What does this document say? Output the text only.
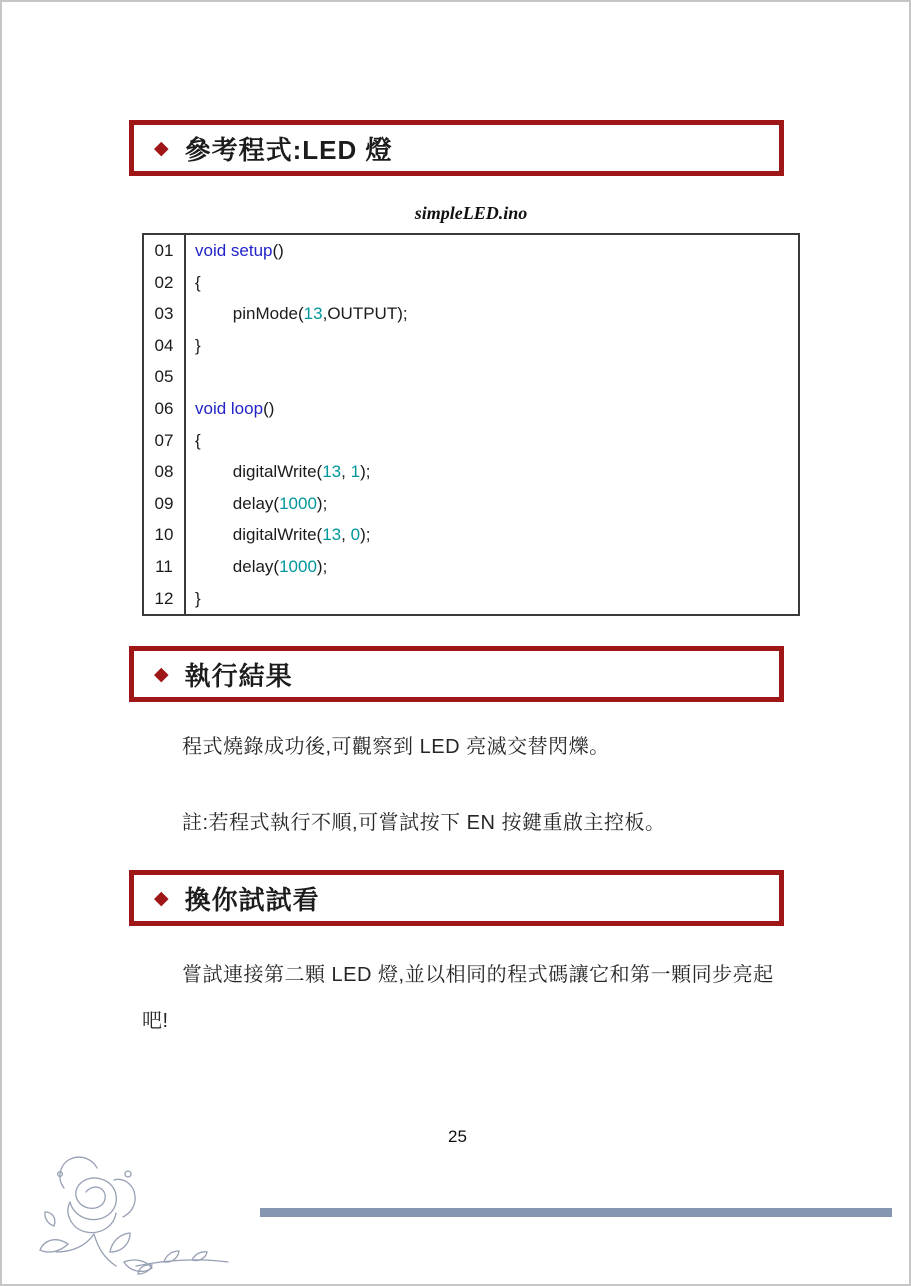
◆ 參考程式:LED 燈
simpleLED.ino
01	void setup()
02	{
03	pinMode(13,OUTPUT);
04	}
05
06	void loop()
07	{
08	digitalWrite(13, 1);
09	delay(1000);
10	digitalWrite(13, 0);
11	delay(1000);
12	}
◆ 執行結果
程式燒錄成功後,可觀察到 LED 亮滅交替閃爍。
註:若程式執行不順,可嘗試按下 EN 按鍵重啟主控板。
◆ 換你試試看
嘗試連接第二顆 LED 燈,並以相同的程式碼讓它和第一顆同步亮起吧!
25
